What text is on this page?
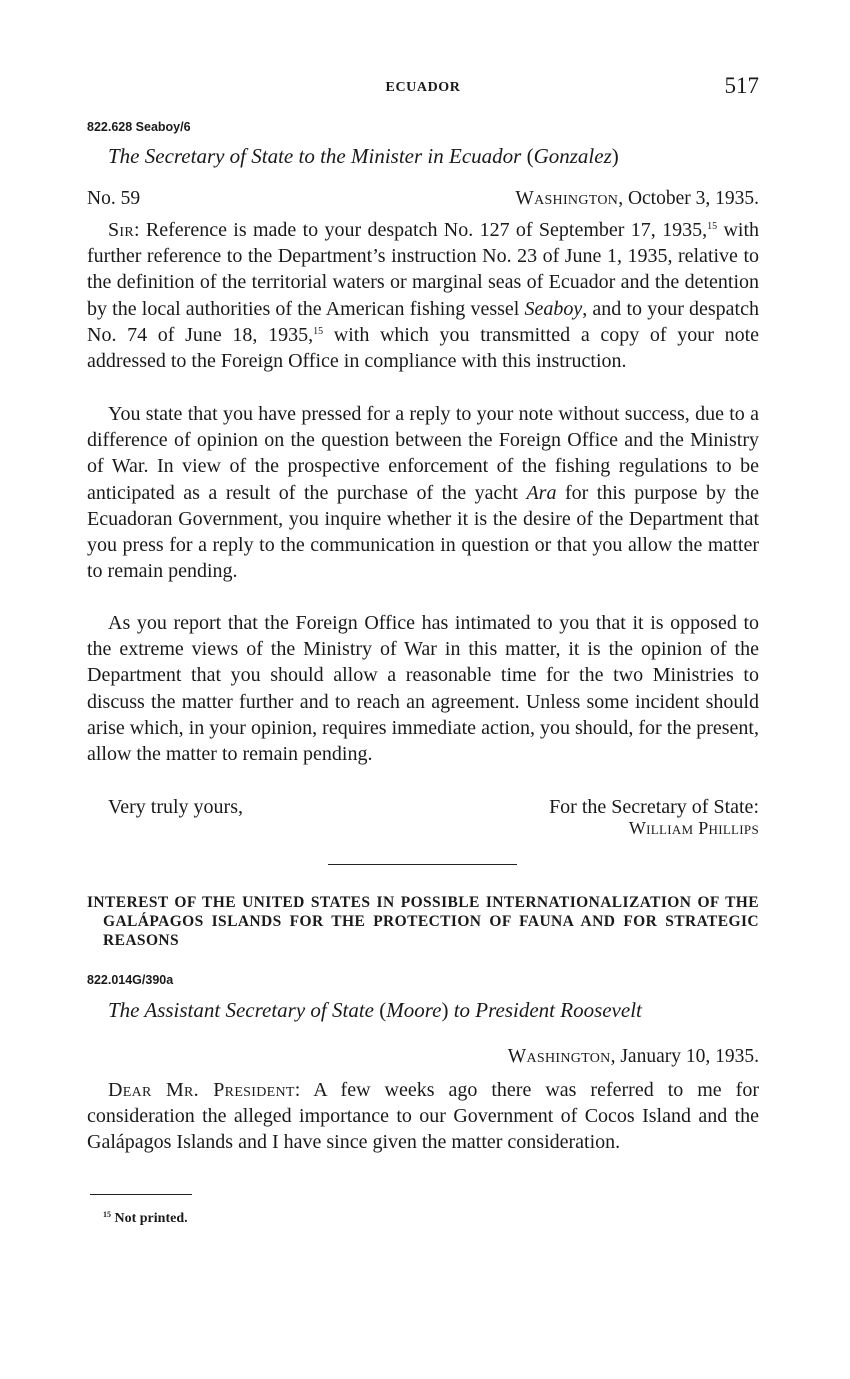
ECUADOR	517
822.628 Seaboy/6
The Secretary of State to the Minister in Ecuador (Gonzalez)
No. 59	Washington, October 3, 1935.

Sir: Reference is made to your despatch No. 127 of September 17, 1935,15 with further reference to the Department’s instruction No. 23 of June 1, 1935, relative to the definition of the territorial waters or marginal seas of Ecuador and the detention by the local authorities of the American fishing vessel Seaboy, and to your despatch No. 74 of June 18, 1935,15 with which you transmitted a copy of your note addressed to the Foreign Office in compliance with this instruction.

You state that you have pressed for a reply to your note without success, due to a difference of opinion on the question between the Foreign Office and the Ministry of War. In view of the prospective enforcement of the fishing regulations to be anticipated as a result of the purchase of the yacht Ara for this purpose by the Ecuadoran Government, you inquire whether it is the desire of the Department that you press for a reply to the communication in question or that you allow the matter to remain pending.

As you report that the Foreign Office has intimated to you that it is opposed to the extreme views of the Ministry of War in this matter, it is the opinion of the Department that you should allow a reasonable time for the two Ministries to discuss the matter further and to reach an agreement. Unless some incident should arise which, in your opinion, requires immediate action, you should, for the present, allow the matter to remain pending.

Very truly yours,	For the Secretary of State:
William Phillips
INTEREST OF THE UNITED STATES IN POSSIBLE INTERNATIONALIZATION OF THE GALÁPAGOS ISLANDS FOR THE PROTECTION OF FAUNA AND FOR STRATEGIC REASONS
822.014G/390a
The Assistant Secretary of State (Moore) to President Roosevelt
Washington, January 10, 1935.

Dear Mr. President: A few weeks ago there was referred to me for consideration the alleged importance to our Government of Cocos Island and the Galápagos Islands and I have since given the matter consideration.

$^{15}$ Not printed.
